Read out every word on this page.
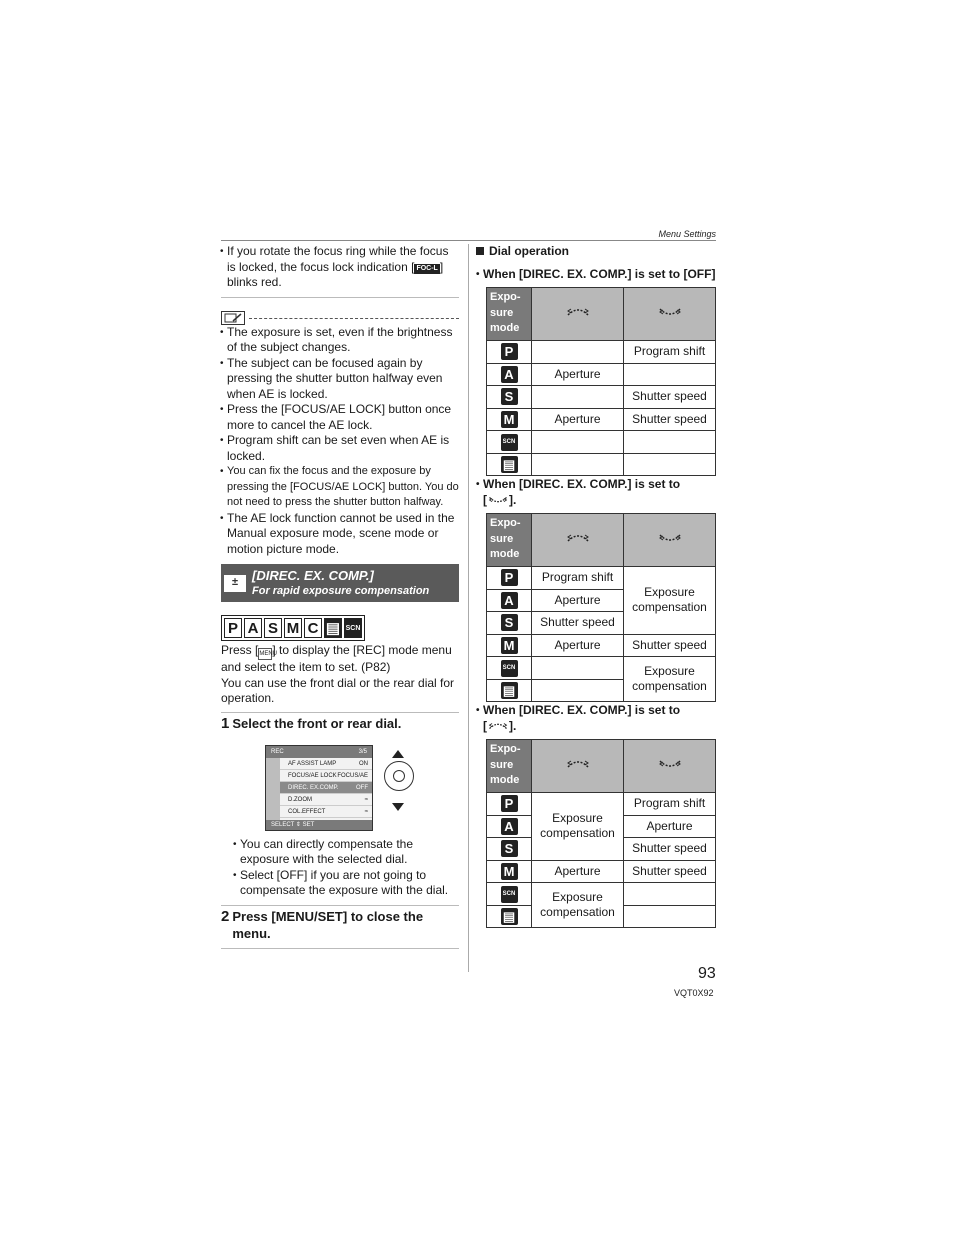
Menu Settings
• If you rotate the focus ring while the focus is locked, the focus lock indication [ FOC-L ] blinks red.
• The exposure is set, even if the brightness of the subject changes.
• The subject can be focused again by pressing the shutter button halfway even when AE is locked.
• Press the [FOCUS/AE LOCK] button once more to cancel the AE lock.
• Program shift can be set even when AE is locked.
• You can fix the focus and the exposure by pressing the [FOCUS/AE LOCK] button. You do not need to press the shutter button halfway.
• The AE lock function cannot be used in the Manual exposure mode, scene mode or motion picture mode.
±	[DIREC. EX. COMP.]
For rapid exposure compensation
P A S M C ▤ SCN
Press [MENU] to display the [REC] mode menu and select the item to set. (P82)
You can use the front dial or the rear dial for operation.
1 Select the front or rear dial.
REC	3/5
AF ASSIST LAMP	ON
FOCUS/AE LOCK FOCUS/AE
DIREC. EX.COMP.	OFF
D.ZOOM	≈
COL.EFFECT	≈
SELECT ⇕ SET
• You can directly compensate the exposure with the selected dial.
• Select [OFF] if you are not going to compensate the exposure with the dial.
2 Press [MENU/SET] to close the menu.
Dial operation
• When [DIREC. EX. COMP.] is set to [OFF]
Expo-sure mode		
P		Program shift
A	Aperture	
S		Shutter speed
M	Aperture	Shutter speed
SCN		
▤		
• When [DIREC. EX. COMP.] is set to
[ ].
Expo-sure mode		
P	Program shift	Exposure compensation
A	Aperture	
S	Shutter speed	
M	Aperture	Shutter speed
SCN		Exposure compensation
▤		
• When [DIREC. EX. COMP.] is set to
[ ].
Expo-sure mode		
P	Exposure compensation	Program shift
A		Aperture
S		Shutter speed
M	Aperture	Shutter speed
SCN	Exposure compensation	
▤		
93
VQT0X92
